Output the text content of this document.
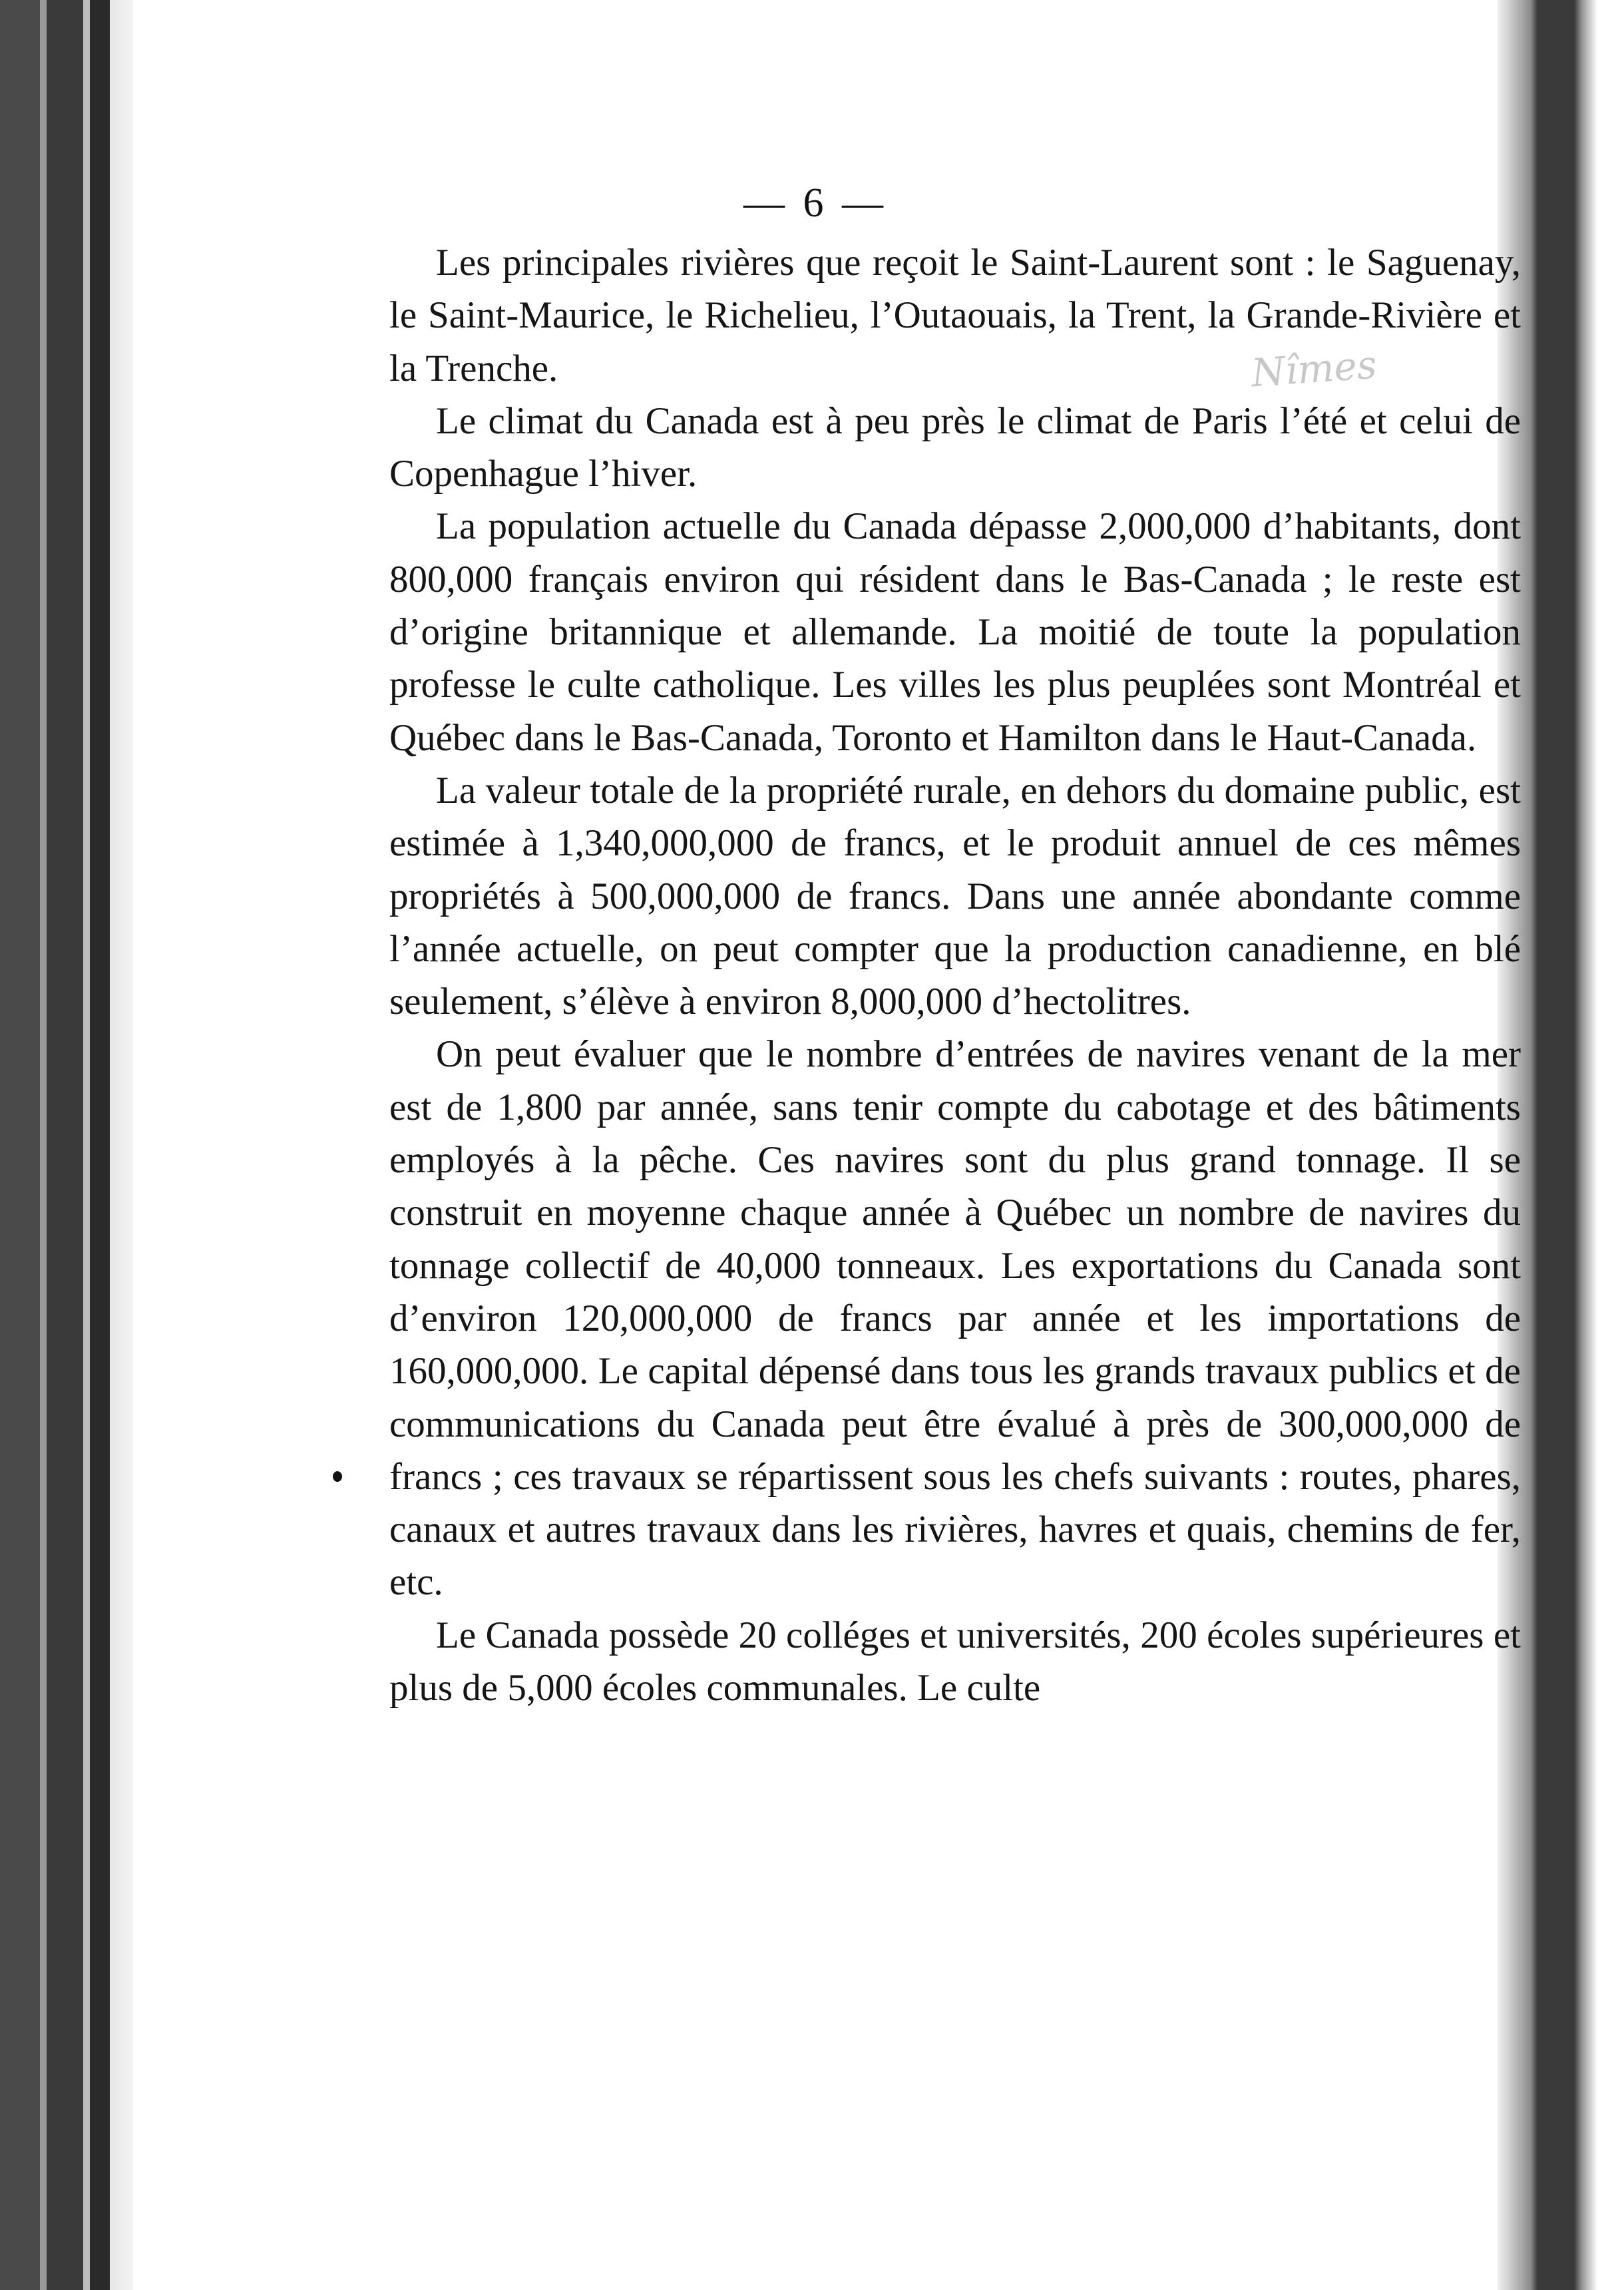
— 6 —
Nîmes

Les principales rivières que reçoit le Saint-Laurent sont : le Saguenay, le Saint-Maurice, le Richelieu, l’Outaouais, la Trent, la Grande-Rivière et la Trenche.

Le climat du Canada est à peu près le climat de Paris l’été et celui de Copenhague l’hiver.

La population actuelle du Canada dépasse 2,000,000 d’habitants, dont 800,000 français environ qui résident dans le Bas-Canada ; le reste est d’origine britannique et allemande. La moitié de toute la population professe le culte catholique. Les villes les plus peuplées sont Montréal et Québec dans le Bas-Canada, Toronto et Hamilton dans le Haut-Canada.

La valeur totale de la propriété rurale, en dehors du domaine public, est estimée à 1,340,000,000 de francs, et le produit annuel de ces mêmes propriétés à 500,000,000 de francs. Dans une année abondante comme l’année actuelle, on peut compter que la production canadienne, en blé seulement, s’élève à environ 8,000,000 d’hectolitres.

On peut évaluer que le nombre d’entrées de navires venant de la mer est de 1,800 par année, sans tenir compte du cabotage et des bâtiments employés à la pêche. Ces navires sont du plus grand tonnage. Il se construit en moyenne chaque année à Québec un nombre de navires du tonnage collectif de 40,000 tonneaux. Les exportations du Canada sont d’environ 120,000,000 de francs par année et les importations de 160,000,000. Le capital dépensé dans tous les grands travaux publics et de communications du Canada peut être évalué à près de 300,000,000 de francs ; ces travaux se répartissent sous les chefs suivants : routes, phares, canaux et autres travaux dans les rivières, havres et quais, chemins de fer, etc.

Le Canada possède 20 colléges et universités, 200 écoles supérieures et plus de 5,000 écoles communales. Le culte
